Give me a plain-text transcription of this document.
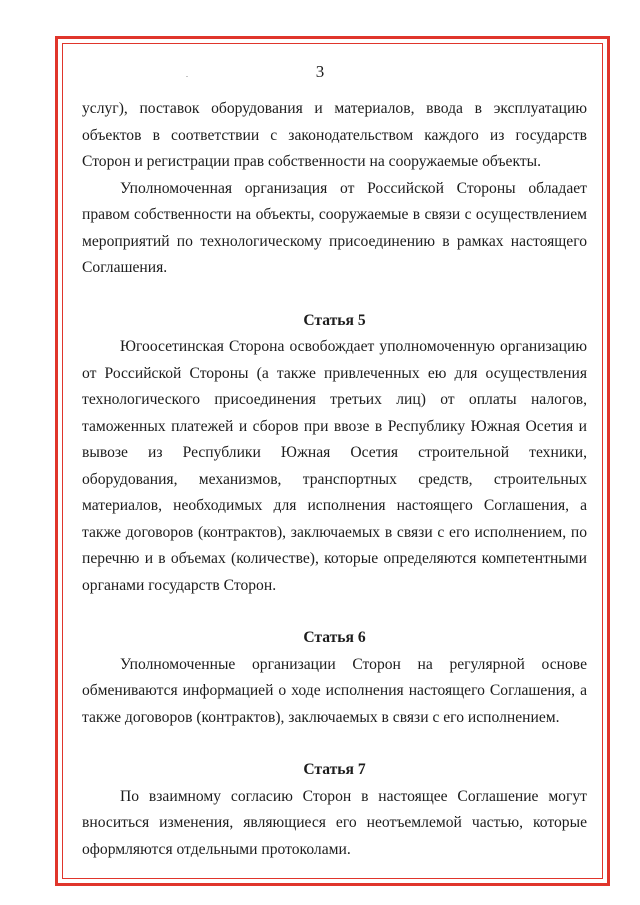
.	3

услуг), поставок оборудования и материалов, ввода в эксплуатацию объектов в соответствии с законодательством каждого из государств Сторон и регистрации прав собственности на сооружаемые объекты.

Уполномоченная организация от Российской Стороны обладает правом собственности на объекты, сооружаемые в связи с осуществлением мероприятий по технологическому присоединению в рамках настоящего Соглашения.

Статья 5

Югоосетинская Сторона освобождает уполномоченную организацию от Российской Стороны (а также привлеченных ею для осуществления технологического присоединения третьих лиц) от оплаты налогов, таможенных платежей и сборов при ввозе в Республику Южная Осетия и вывозе из Республики Южная Осетия строительной техники, оборудования, механизмов, транспортных средств, строительных материалов, необходимых для исполнения настоящего Соглашения, а также договоров (контрактов), заключаемых в связи с его исполнением, по перечню и в объемах (количестве), которые определяются компетентными органами государств Сторон.

Статья 6

Уполномоченные организации Сторон на регулярной основе обмениваются информацией о ходе исполнения настоящего Соглашения, а также договоров (контрактов), заключаемых в связи с его исполнением.

Статья 7

По взаимному согласию Сторон в настоящее Соглашение могут вноситься изменения, являющиеся его неотъемлемой частью, которые оформляются отдельными протоколами.
